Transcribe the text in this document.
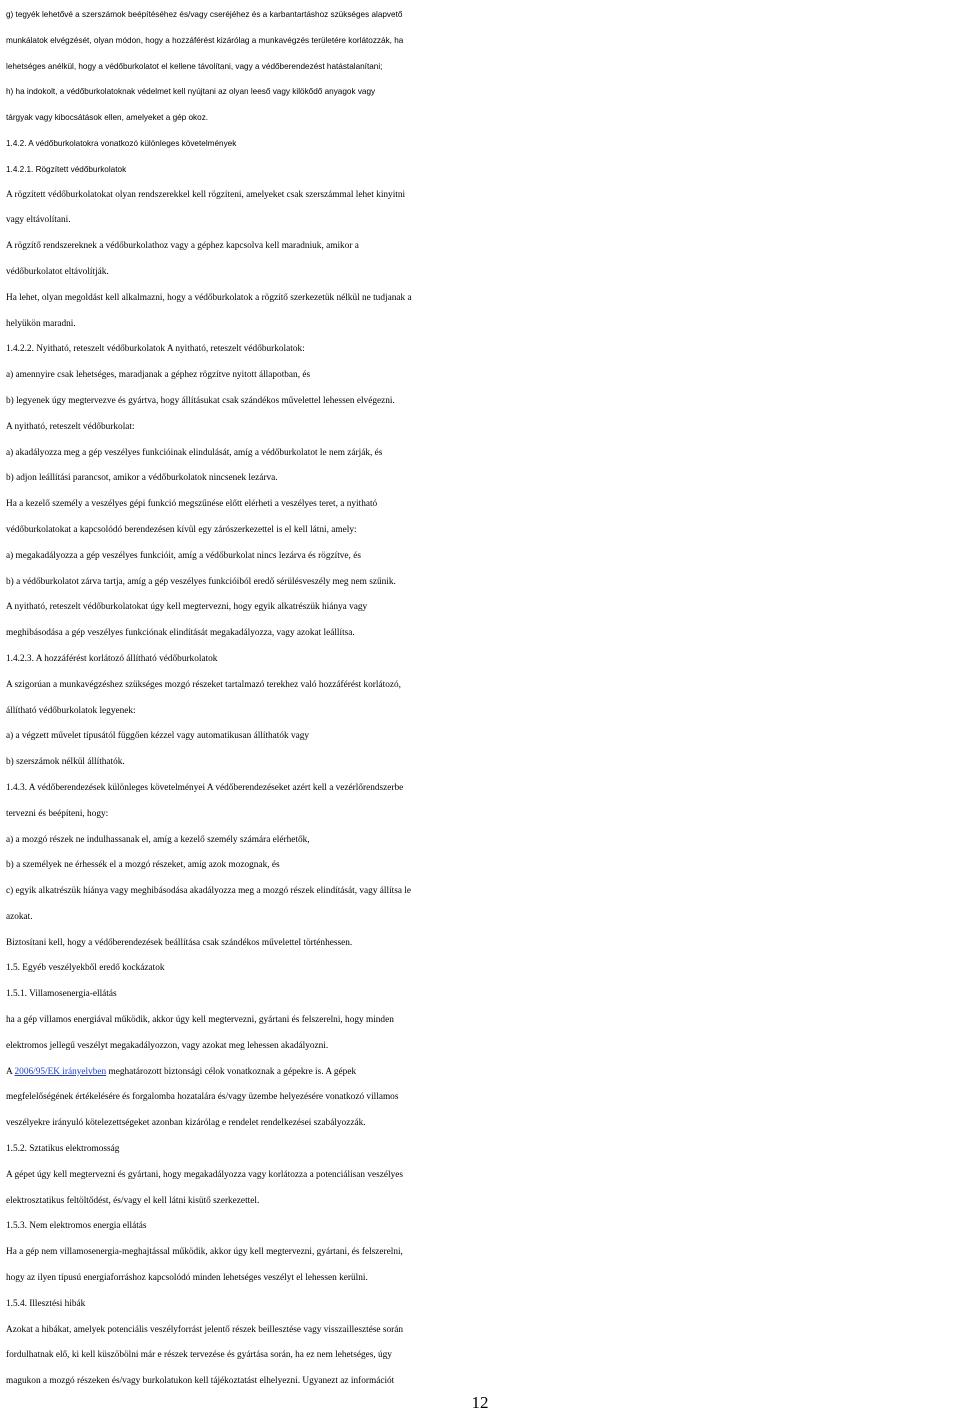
g) tegyék lehetővé a szerszámok beépítéséhez és/vagy cseréjéhez és a karbantartáshoz szükséges alapvető
munkálatok elvégzését, olyan módon, hogy a hozzáférést kizárólag a munkavégzés területére korlátozzák, ha
lehetséges anélkül, hogy a védőburkolatot el kellene távolítani, vagy a védőberendezést hatástalanítani;
h) ha indokolt, a védőburkolatoknak védelmet kell nyújtani az olyan leeső vagy kilökődő anyagok vagy
tárgyak vagy kibocsátások ellen, amelyeket a gép okoz.
1.4.2. A védőburkolatokra vonatkozó különleges követelmények
1.4.2.1. Rögzített védőburkolatok
A rögzített védőburkolatokat olyan rendszerekkel kell rögzíteni, amelyeket csak szerszámmal lehet kinyitni
vagy eltávolítani.
A rögzítő rendszereknek a védőburkolathoz vagy a géphez kapcsolva kell maradniuk, amikor a
védőburkolatot eltávolítják.
Ha lehet, olyan megoldást kell alkalmazni, hogy a védőburkolatok a rögzítő szerkezetük nélkül ne tudjanak a
helyükön maradni.
1.4.2.2. Nyitható, reteszelt védőburkolatok A nyitható, reteszelt védőburkolatok:
a) amennyire csak lehetséges, maradjanak a géphez rögzítve nyitott állapotban, és
b) legyenek úgy megtervezve és gyártva, hogy állításukat csak szándékos művelettel lehessen elvégezni.
A nyitható, reteszelt védőburkolat:
a) akadályozza meg a gép veszélyes funkcióinak elindulását, amíg a védőburkolatot le nem zárják, és
b) adjon leállítási parancsot, amikor a védőburkolatok nincsenek lezárva.
Ha a kezelő személy a veszélyes gépi funkció megszűnése előtt elérheti a veszélyes teret, a nyitható
védőburkolatokat a kapcsolódó berendezésen kívül egy zárószerkezettel is el kell látni, amely:
a) megakadályozza a gép veszélyes funkcióit, amíg a védőburkolat nincs lezárva és rögzítve, és
b) a védőburkolatot zárva tartja, amíg a gép veszélyes funkcióiból eredő sérülésveszély meg nem szűnik.
A nyitható, reteszelt védőburkolatokat úgy kell megtervezni, hogy egyik alkatrészük hiánya vagy
meghibásodása a gép veszélyes funkciónak elindítását megakadályozza, vagy azokat leállítsa.
1.4.2.3. A hozzáférést korlátozó állítható védőburkolatok
A szigorúan a munkavégzéshez szükséges mozgó részeket tartalmazó terekhez való hozzáférést korlátozó,
állítható védőburkolatok legyenek:
a) a végzett művelet típusától függően kézzel vagy automatikusan állíthatók vagy
b) szerszámok nélkül állíthatók.
1.4.3. A védőberendezések különleges követelményei A védőberendezéseket azért kell a vezérlőrendszerbe
tervezni és beépíteni, hogy:
a) a mozgó részek ne indulhassanak el, amíg a kezelő személy számára elérhetők,
b) a személyek ne érhessék el a mozgó részeket, amíg azok mozognak, és
c) egyik alkatrészük hiánya vagy meghibásodása akadályozza meg a mozgó részek elindítását, vagy állítsa le
azokat.
Biztosítani kell, hogy a védőberendezések beállítása csak szándékos művelettel történhessen.
1.5. Egyéb veszélyekből eredő kockázatok
1.5.1. Villamosenergia-ellátás
ha a gép villamos energiával működik, akkor úgy kell megtervezni, gyártani és felszerelni, hogy minden
elektromos jellegű veszélyt megakadályozzon, vagy azokat meg lehessen akadályozni.
A 2006/95/EK irányelvben meghatározott biztonsági célok vonatkoznak a gépekre is. A gépek
megfelelőségének értékelésére és forgalomba hozatalára és/vagy üzembe helyezésére vonatkozó villamos
veszélyekre irányuló kötelezettségeket azonban kizárólag e rendelet rendelkezései szabályozzák.
1.5.2. Sztatikus elektromosság
A gépet úgy kell megtervezni és gyártani, hogy megakadályozza vagy korlátozza a potenciálisan veszélyes
elektrosztatikus feltöltődést, és/vagy el kell látni kisütő szerkezettel.
1.5.3. Nem elektromos energia ellátás
Ha a gép nem villamosenergia-meghajtással működik, akkor úgy kell megtervezni, gyártani, és felszerelni,
hogy az ilyen típusú energiaforráshoz kapcsolódó minden lehetséges veszélyt el lehessen kerülni.
1.5.4. Illesztési hibák
Azokat a hibákat, amelyek potenciális veszélyforrást jelentő részek beillesztése vagy visszaillesztése során
fordulhatnak elő, ki kell küszöbölni már e részek tervezése és gyártása során, ha ez nem lehetséges, úgy
magukon a mozgó részeken és/vagy burkolatukon kell tájékoztatást elhelyezni. Ugyanezt az információt
12
